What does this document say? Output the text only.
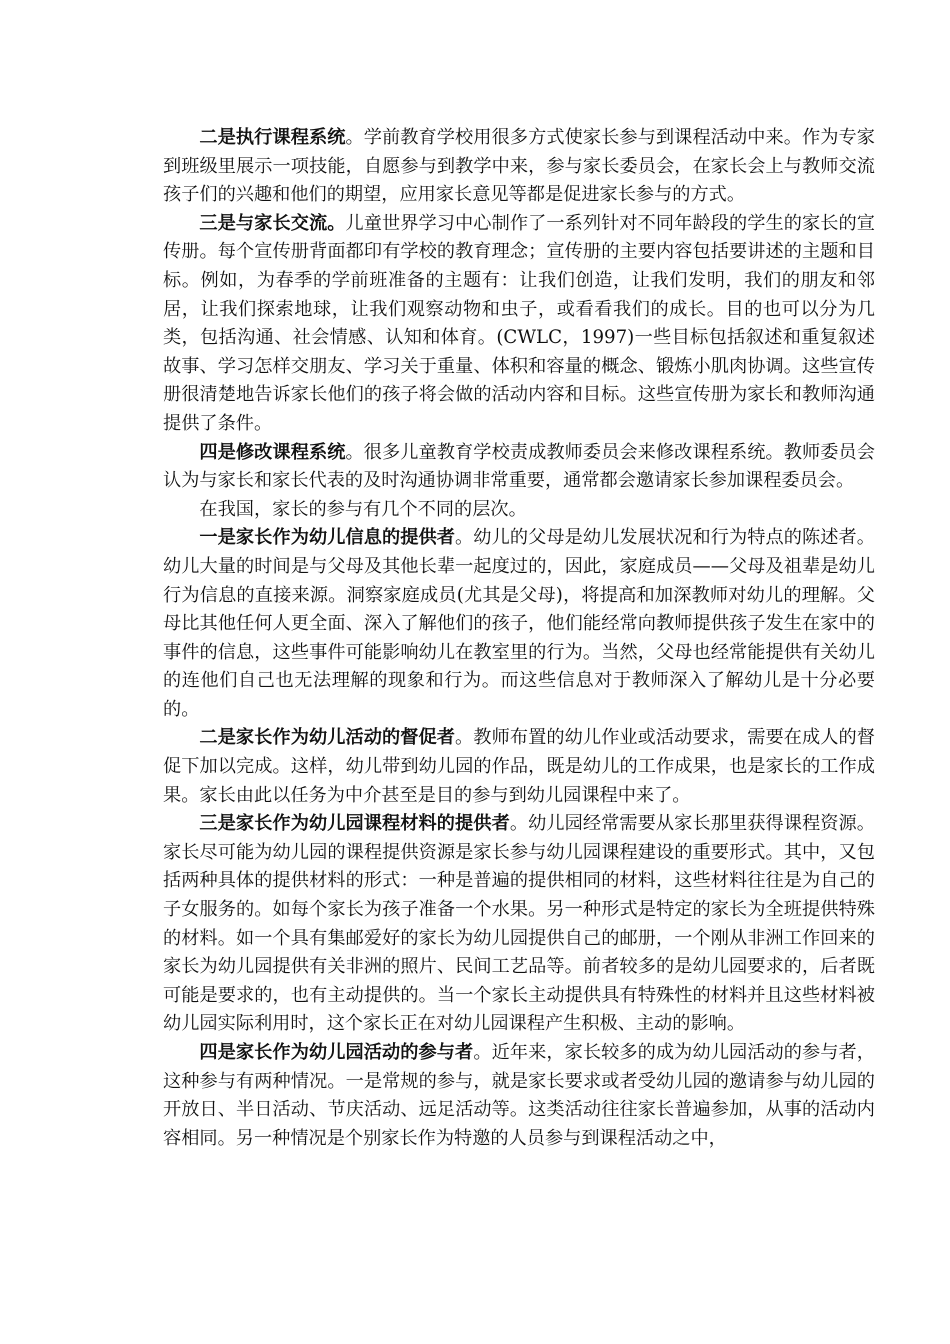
二是执行课程系统。学前教育学校用很多方式使家长参与到课程活动中来。作为专家到班级里展示一项技能，自愿参与到教学中来，参与家长委员会，在家长会上与教师交流孩子们的兴趣和他们的期望，应用家长意见等都是促进家长参与的方式。

三是与家长交流。儿童世界学习中心制作了一系列针对不同年龄段的学生的家长的宣传册。每个宣传册背面都印有学校的教育理念；宣传册的主要内容包括要讲述的主题和目标。例如，为春季的学前班准备的主题有：让我们创造，让我们发明，我们的朋友和邻居，让我们探索地球，让我们观察动物和虫子，或看看我们的成长。目的也可以分为几类，包括沟通、社会情感、认知和体育。(CWLC，1997)一些目标包括叙述和重复叙述故事、学习怎样交朋友、学习关于重量、体积和容量的概念、锻炼小肌肉协调。这些宣传册很清楚地告诉家长他们的孩子将会做的活动内容和目标。这些宣传册为家长和教师沟通提供了条件。

四是修改课程系统。很多儿童教育学校责成教师委员会来修改课程系统。教师委员会认为与家长和家长代表的及时沟通协调非常重要，通常都会邀请家长参加课程委员会。

在我国，家长的参与有几个不同的层次。

一是家长作为幼儿信息的提供者。幼儿的父母是幼儿发展状况和行为特点的陈述者。幼儿大量的时间是与父母及其他长辈一起度过的，因此，家庭成员——父母及祖辈是幼儿行为信息的直接来源。洞察家庭成员(尤其是父母)，将提高和加深教师对幼儿的理解。父母比其他任何人更全面、深入了解他们的孩子，他们能经常向教师提供孩子发生在家中的事件的信息，这些事件可能影响幼儿在教室里的行为。当然，父母也经常能提供有关幼儿的连他们自己也无法理解的现象和行为。而这些信息对于教师深入了解幼儿是十分必要的。

二是家长作为幼儿活动的督促者。教师布置的幼儿作业或活动要求，需要在成人的督促下加以完成。这样，幼儿带到幼儿园的作品，既是幼儿的工作成果，也是家长的工作成果。家长由此以任务为中介甚至是目的参与到幼儿园课程中来了。

三是家长作为幼儿园课程材料的提供者。幼儿园经常需要从家长那里获得课程资源。家长尽可能为幼儿园的课程提供资源是家长参与幼儿园课程建设的重要形式。其中，又包括两种具体的提供材料的形式：一种是普遍的提供相同的材料，这些材料往往是为自己的子女服务的。如每个家长为孩子准备一个水果。另一种形式是特定的家长为全班提供特殊的材料。如一个具有集邮爱好的家长为幼儿园提供自己的邮册，一个刚从非洲工作回来的家长为幼儿园提供有关非洲的照片、民间工艺品等。前者较多的是幼儿园要求的，后者既可能是要求的，也有主动提供的。当一个家长主动提供具有特殊性的材料并且这些材料被幼儿园实际利用时，这个家长正在对幼儿园课程产生积极、主动的影响。

四是家长作为幼儿园活动的参与者。近年来，家长较多的成为幼儿园活动的参与者，这种参与有两种情况。一是常规的参与，就是家长要求或者受幼儿园的邀请参与幼儿园的开放日、半日活动、节庆活动、远足活动等。这类活动往往家长普遍参加，从事的活动内容相同。另一种情况是个别家长作为特邀的人员参与到课程活动之中，
